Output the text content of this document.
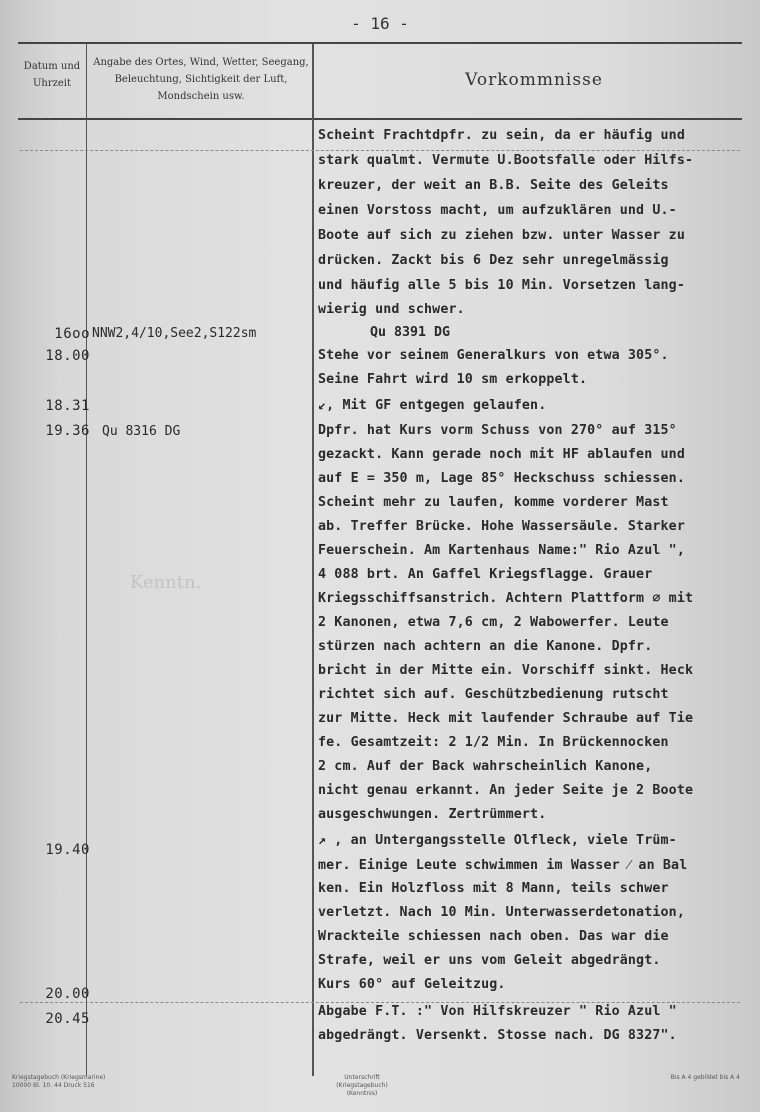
- 16 -
Datum und Uhrzeit
Angabe des Ortes, Wind, Wetter, Seegang, Beleuchtung, Sichtigkeit der Luft, Mondschein usw.
Vorkommnisse
Kenntn.
16oo
18.00
18.31
19.36
19.40
20.00
20.45
NNW2,4/10,See2,S122sm
Qu 8316 DG
Scheint Frachtdpfr. zu sein, da er häufig und
stark qualmt. Vermute U.Bootsfalle oder Hilfs-
kreuzer, der weit an B.B. Seite des Geleits
einen Vorstoss macht, um aufzuklären und U.-
Boote auf sich zu ziehen bzw. unter Wasser zu
drücken. Zackt bis 6 Dez sehr unregelmässig
und häufig alle 5 bis 10 Min. Vorsetzen lang-
wierig und schwer.
Qu 8391 DG
Stehe vor seinem Generalkurs von etwa 305°.
Seine Fahrt wird 10 sm erkoppelt.
↙, Mit GF entgegen gelaufen.
Dpfr. hat Kurs vorm Schuss von 270° auf 315°
gezackt. Kann gerade noch mit HF ablaufen und
auf E = 350 m, Lage 85° Heckschuss schiessen.
Scheint mehr zu laufen, komme vorderer Mast
ab. Treffer Brücke. Hohe Wassersäule. Starker
Feuerschein. Am Kartenhaus Name:" Rio Azul ",
4 088 brt. An Gaffel Kriegsflagge. Grauer
Kriegsschiffsanstrich. Achtern Plattform ⌀ mit
2 Kanonen, etwa 7,6 cm, 2 Wabowerfer. Leute
stürzen nach achtern an die Kanone. Dpfr.
bricht in der Mitte ein. Vorschiff sinkt. Heck
richtet sich auf. Geschützbedienung rutscht
zur Mitte. Heck mit laufender Schraube auf Tie
fe. Gesamtzeit: 2 1/2 Min. In Brückennocken
2 cm. Auf der Back wahrscheinlich Kanone,
nicht genau erkannt. An jeder Seite je 2 Boote
ausgeschwungen. Zertrümmert.
↗ , an Untergangsstelle Ölfleck, viele Trüm-
mer. Einige Leute schwimmen im Wasser ⁄ an Bal
ken. Ein Holzfloss mit 8 Mann, teils schwer
verletzt. Nach 10 Min. Unterwasserdetonation,
Wrackteile schiessen nach oben. Das war die
Strafe, weil er uns vom Geleit abgedrängt.
Kurs 60° auf Geleitzug.
Abgabe F.T. :" Von Hilfskreuzer " Rio Azul "
abgedrängt. Versenkt. Stosse nach. DG 8327".
Kriegstagebuch (Kriegsmarine) 10000 Bl. 10. 44 Druck 516
Unterschrift (Kriegstagebuch) (Kenntnis)
Bis A 4 gebildet bis A 4
